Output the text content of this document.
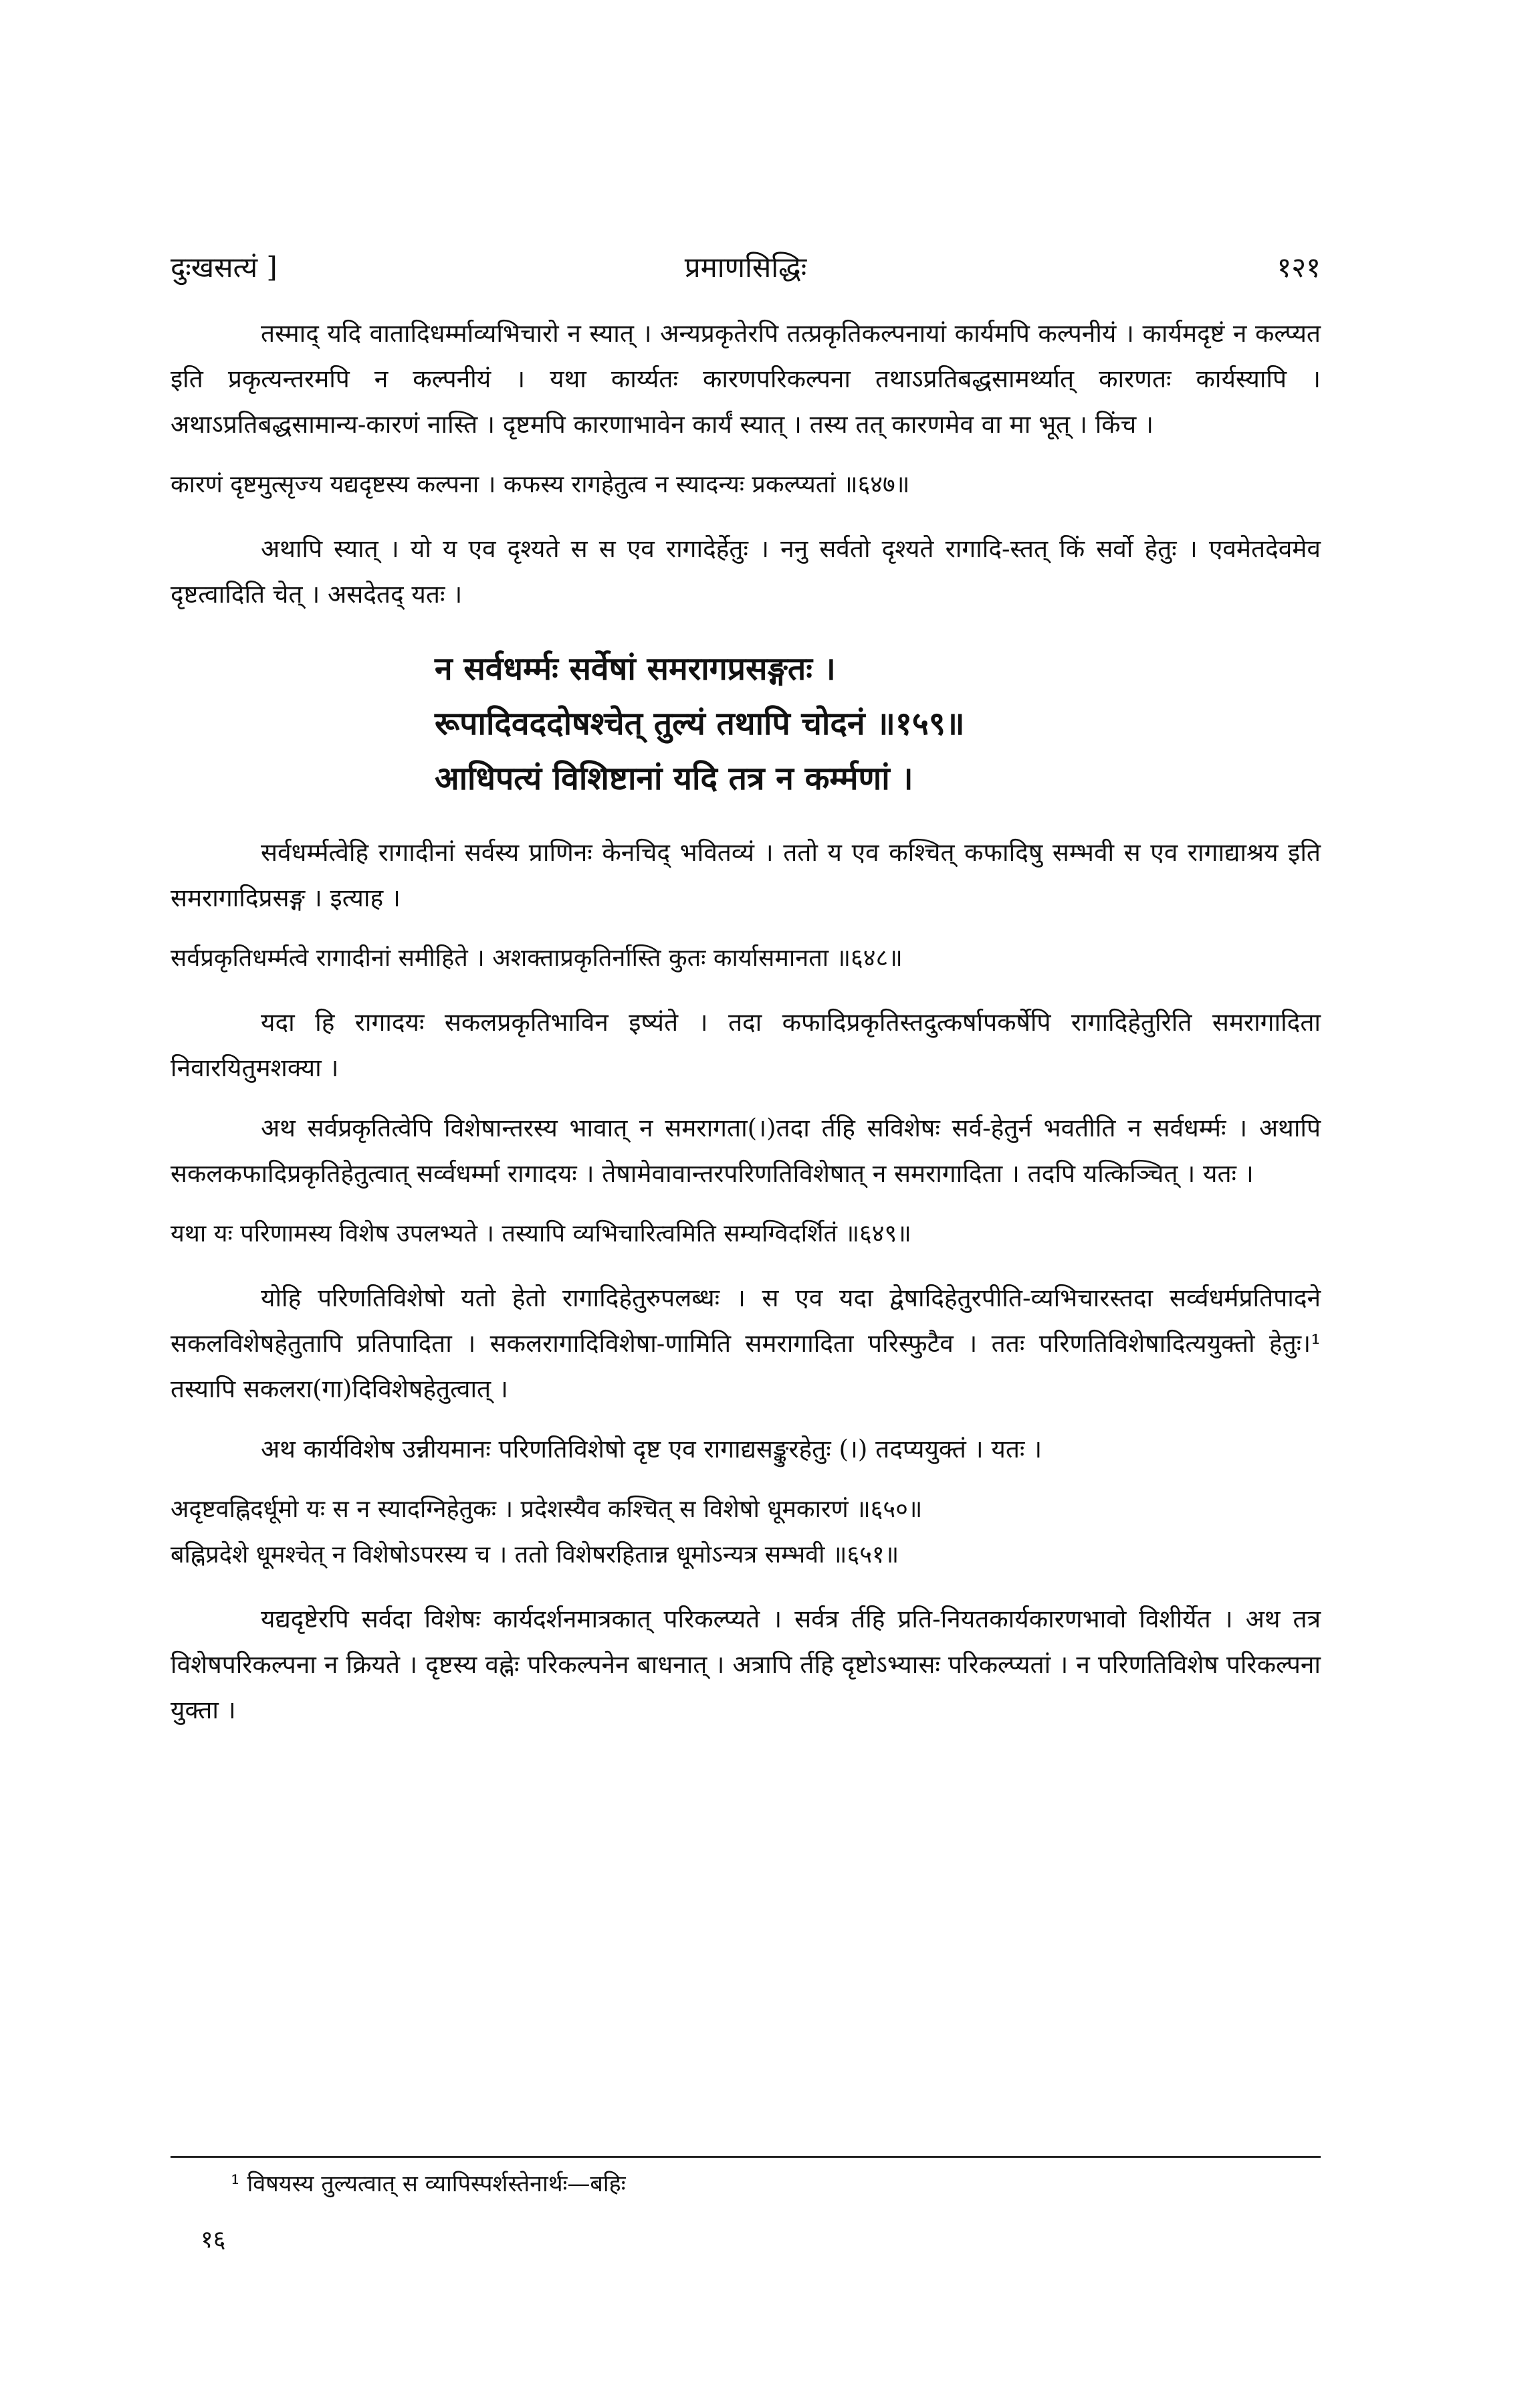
दुःखसत्यं ]	प्रमाणसिद्धिः	१२१

तस्माद् यदि वातादिधर्म्माव्यभिचारो न स्यात् । अन्यप्रकृतेरपि तत्प्रकृतिकल्पनायां कार्यमपि कल्पनीयं । कार्यमदृष्टं न कल्प्यत इति प्रकृत्यन्तरमपि न कल्पनीयं । यथा कार्य्यतः कारणपरिकल्पना तथाऽप्रतिबद्धसामर्थ्यात् कारणतः कार्यस्यापि । अथाऽप्रतिबद्धसामान्य-कारणं नास्ति । दृष्टमपि कारणाभावेन कार्यं स्यात् । तस्य तत् कारणमेव वा मा भूत् । किंच ।

कारणं दृष्टमुत्सृज्य यद्यदृष्टस्य कल्पना । कफस्य रागहेतुत्व न स्यादन्यः प्रकल्प्यतां ॥६४७॥

अथापि स्यात् । यो य एव दृश्यते स स एव रागादेर्हेतुः । ननु सर्वतो दृश्यते रागादि-स्तत् किं सर्वो हेतुः । एवमेतदेवमेव दृष्टत्वादिति चेत् । असदेतद् यतः ।

न सर्वधर्म्मः सर्वेषां समरागप्रसङ्गतः ।
रूपादिवददोषश्चेत् तुल्यं तथापि चोदनं ॥१५९॥
आधिपत्यं विशिष्टानां यदि तत्र न कर्म्मणां ।

सर्वधर्म्मत्वेहि रागादीनां सर्वस्य प्राणिनः केनचिद् भवितव्यं । ततो य एव कश्चित् कफादिषु सम्भवी स एव रागाद्याश्रय इति समरागादिप्रसङ्ग । इत्याह ।

सर्वप्रकृतिधर्म्मत्वे रागादीनां समीहिते । अशक्ताप्रकृतिर्नास्ति कुतः कार्यासमानता ॥६४८॥

यदा हि रागादयः सकलप्रकृतिभाविन इष्यंते । तदा कफादिप्रकृतिस्तदुत्कर्षापकर्षेपि रागादिहेतुरिति समरागादिता निवारयितुमशक्या ।

अथ सर्वप्रकृतित्वेपि विशेषान्तरस्य भावात् न समरागता(।)तदा र्तहि सविशेषः सर्व-हेतुर्न भवतीति न सर्वधर्म्मः । अथापि सकलकफादिप्रकृतिहेतुत्वात् सर्व्वधर्म्मा रागादयः । तेषामेवावान्तरपरिणतिविशेषात् न समरागादिता । तदपि यत्किञ्चित् । यतः ।

यथा यः परिणामस्य विशेष उपलभ्यते । तस्यापि व्यभिचारित्वमिति सम्यग्विदर्शितं ॥६४९॥

योहि परिणतिविशेषो यतो हेतो रागादिहेतुरुपलब्धः । स एव यदा द्वेषादिहेतुरपीति-व्यभिचारस्तदा सर्व्वधर्मप्रतिपादने सकलविशेषहेतुतापि प्रतिपादिता । सकलरागादिविशेषा-णामिति समरागादिता परिस्फुटैव । ततः परिणतिविशेषादित्ययुक्तो हेतुः।¹ तस्यापि सकलरा(गा)दिविशेषहेतुत्वात् ।

अथ कार्यविशेष उन्नीयमानः परिणतिविशेषो दृष्ट एव रागाद्यसङ्कुरहेतुः (।) तदप्ययुक्तं । यतः ।

अदृष्टवह्निदर्धूमो यः स न स्यादग्निहेतुकः । प्रदेशस्यैव कश्चित् स विशेषो धूमकारणं ॥६५०॥

बह्निप्रदेशे धूमश्चेत् न विशेषोऽपरस्य च । ततो विशेषरहितान्न धूमोऽन्यत्र सम्भवी ॥६५१॥

यद्यदृष्टेरपि सर्वदा विशेषः कार्यदर्शनमात्रकात् परिकल्प्यते । सर्वत्र र्तहि प्रति-नियतकार्यकारणभावो विशीर्येत । अथ तत्र विशेषपरिकल्पना न क्रियते । दृष्टस्य वह्नेः परिकल्पनेन बाधनात् । अत्रापि र्तहि दृष्टोऽभ्यासः परिकल्प्यतां । न परिणतिविशेष परिकल्पना युक्ता ।

¹ विषयस्य तुल्यत्वात् स व्यापिस्पर्शस्तेनार्थः—बहिः
१६
